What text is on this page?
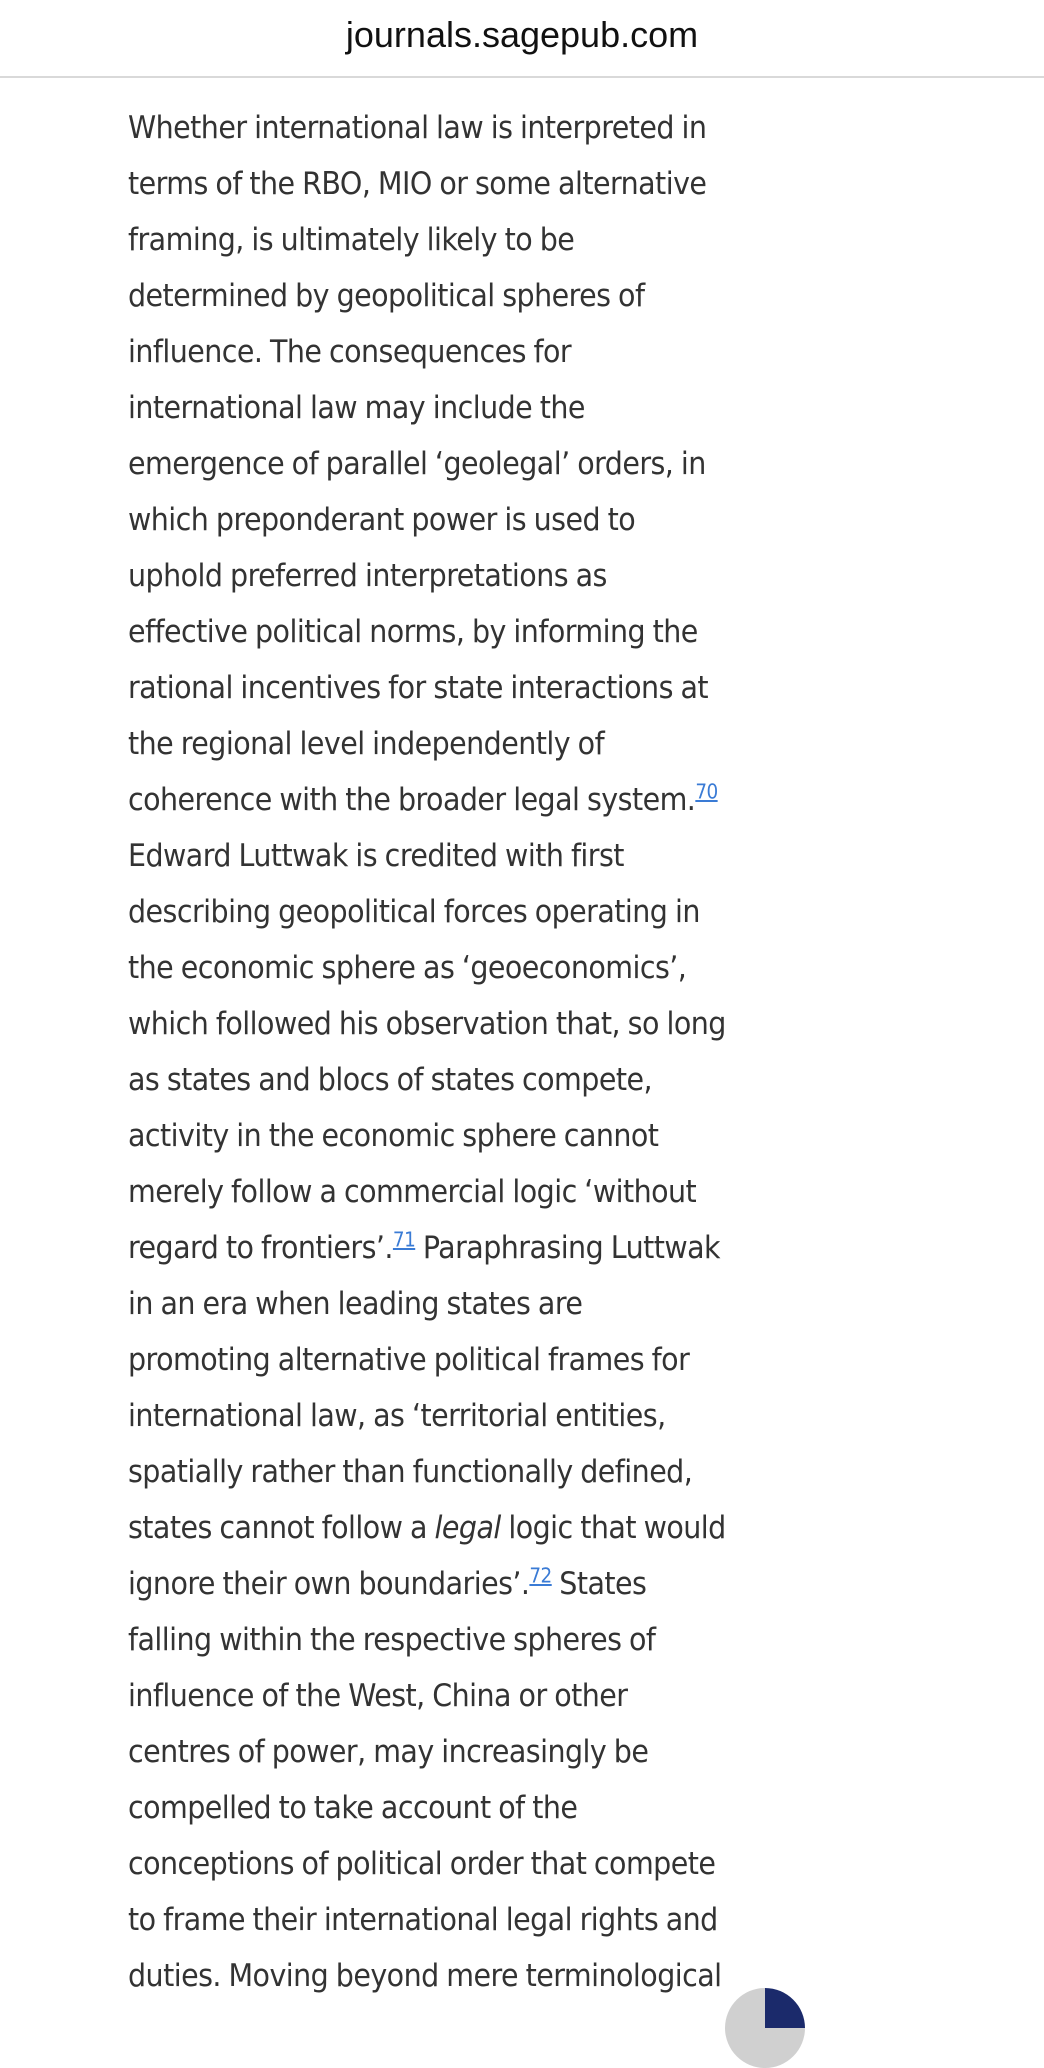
journals.sagepub.com
Whether international law is interpreted in
terms of the RBO, MIO or some alternative
framing, is ultimately likely to be
determined by geopolitical spheres of
influence. The consequences for
international law may include the
emergence of parallel ‘geolegal’ orders, in
which preponderant power is used to
uphold preferred interpretations as
effective political norms, by informing the
rational incentives for state interactions at
the regional level independently of
coherence with the broader legal system.$^{70}$
Edward Luttwak is credited with first
describing geopolitical forces operating in
the economic sphere as ‘geoeconomics’,
which followed his observation that, so long
as states and blocs of states compete,
activity in the economic sphere cannot
merely follow a commercial logic ‘without
regard to frontiers’.$^{71}$ Paraphrasing Luttwak
in an era when leading states are
promoting alternative political frames for
international law, as ‘territorial entities,
spatially rather than functionally defined,
states cannot follow a legal logic that would
ignore their own boundaries’.$^{72}$ States
falling within the respective spheres of
influence of the West, China or other
centres of power, may increasingly be
compelled to take account of the
conceptions of political order that compete
to frame their international legal rights and
duties. Moving beyond mere terminological
